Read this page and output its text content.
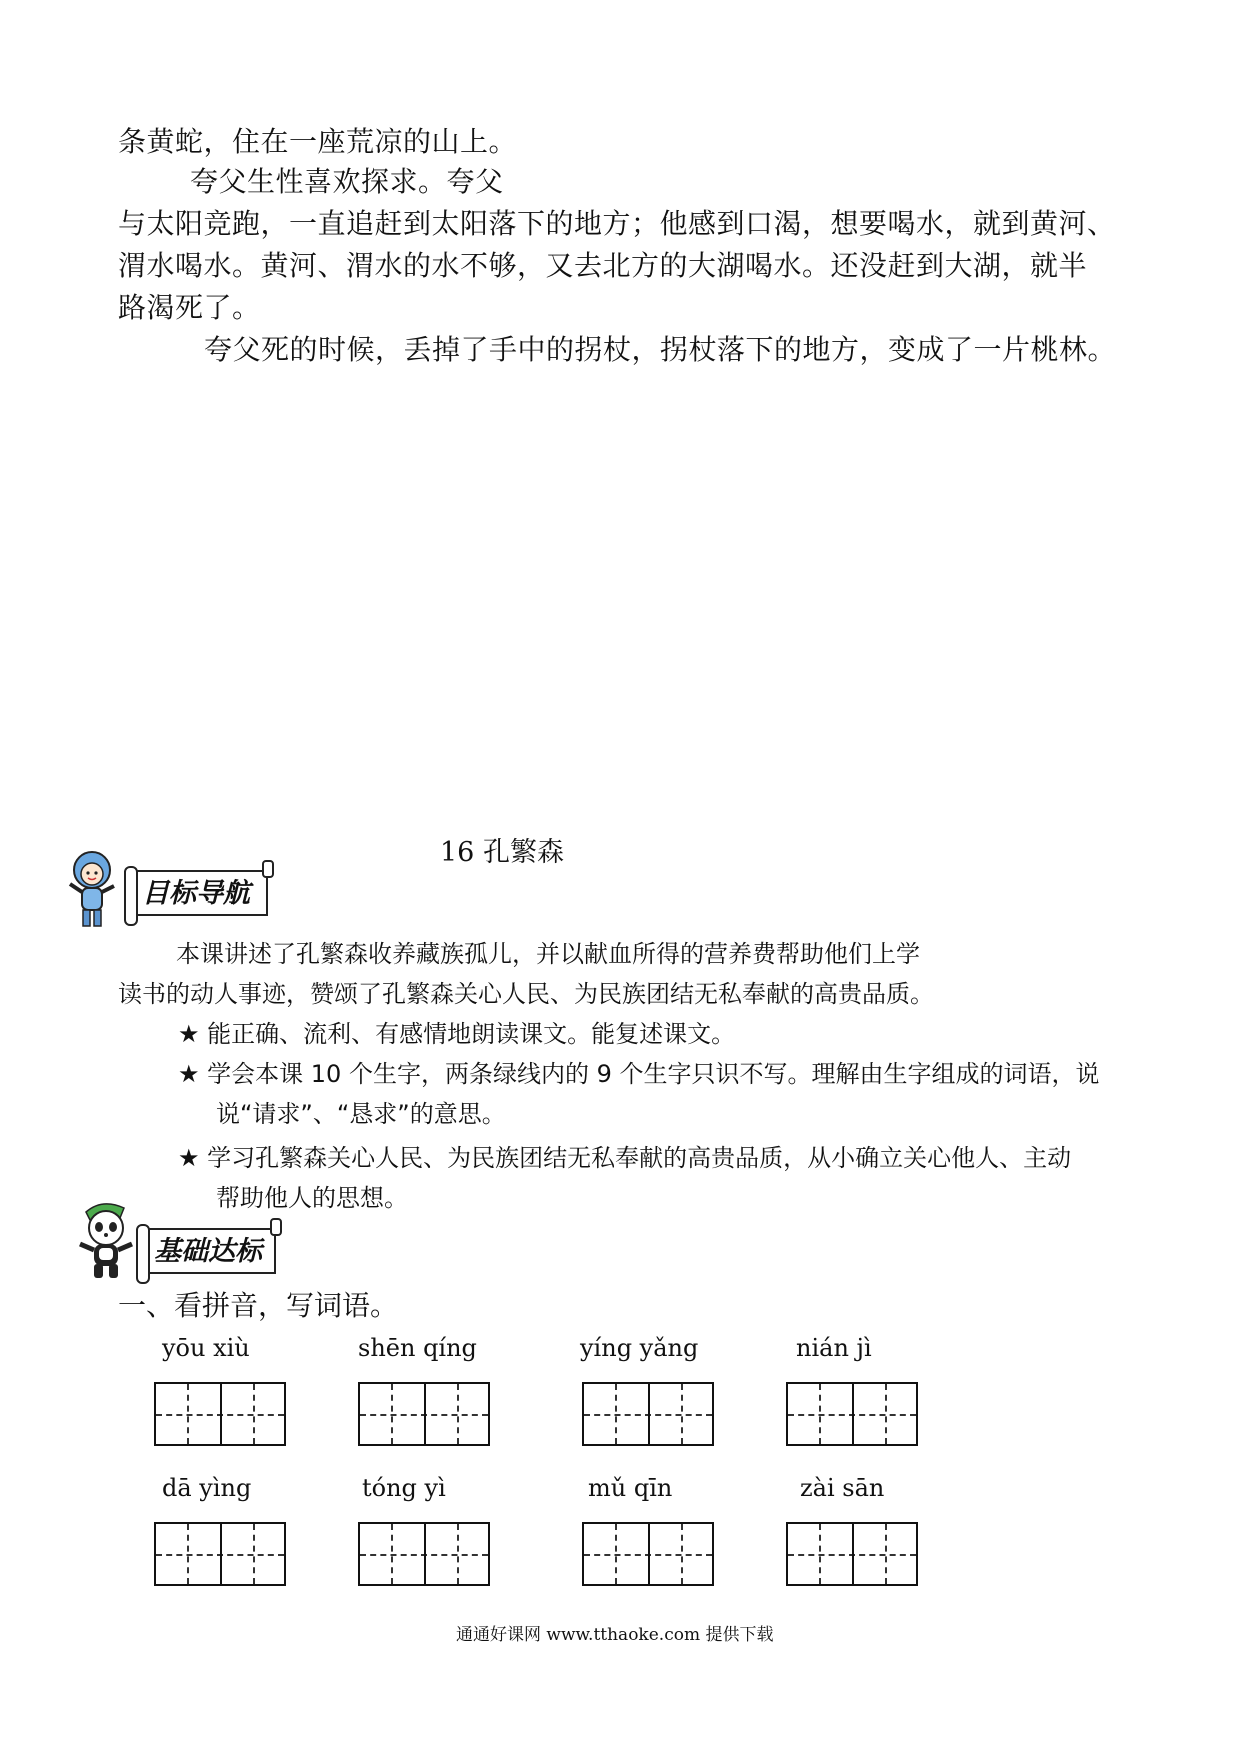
条黄蛇，住在一座荒凉的山上。
夸父生性喜欢探求。夸父
与太阳竞跑，一直追赶到太阳落下的地方；他感到口渴，想要喝水，就到黄河、
渭水喝水。黄河、渭水的水不够，又去北方的大湖喝水。还没赶到大湖，就半
路渴死了。
夸父死的时候，丢掉了手中的拐杖，拐杖落下的地方，变成了一片桃林。
16 孔繁森
目标导航
本课讲述了孔繁森收养藏族孤儿，并以献血所得的营养费帮助他们上学
读书的动人事迹，赞颂了孔繁森关心人民、为民族团结无私奉献的高贵品质。
★ 能正确、流利、有感情地朗读课文。能复述课文。
★ 学会本课 10 个生字，两条绿线内的 9 个生字只识不写。理解由生字组成的词语，说
说“请求”、“恳求”的意思。
★ 学习孔繁森关心人民、为民族团结无私奉献的高贵品质，从小确立关心他人、主动
帮助他人的思想。
基础达标
一、看拼音，写词语。
yōu xiù	shēn qíng	yíng yǎng	nián jì
dā yìng	tóng yì	mǔ qīn	zài sān
通通好课网 www.tthaoke.com 提供下载
